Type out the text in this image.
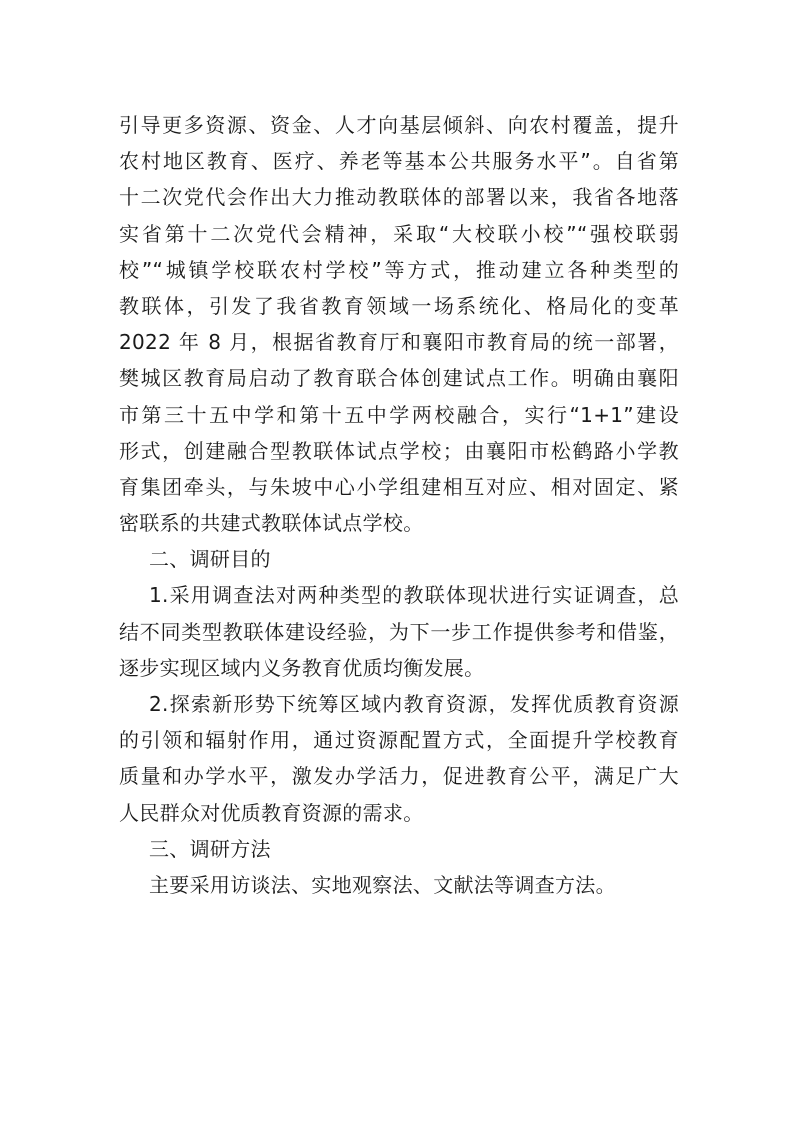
引导更多资源、资金、人才向基层倾斜、向农村覆盖，提升
农村地区教育、医疗、养老等基本公共服务水平”。自省第
十二次党代会作出大力推动教联体的部署以来，我省各地落
实省第十二次党代会精神，采取“大校联小校”“强校联弱
校”“城镇学校联农村学校”等方式，推动建立各种类型的
教联体，引发了我省教育领域一场系统化、格局化的变革
2022 年 8 月，根据省教育厅和襄阳市教育局的统一部署，
樊城区教育局启动了教育联合体创建试点工作。明确由襄阳
市第三十五中学和第十五中学两校融合，实行“1+1”建设
形式，创建融合型教联体试点学校；由襄阳市松鹤路小学教
育集团牵头，与朱坡中心小学组建相互对应、相对固定、紧
密联系的共建式教联体试点学校。
二、调研目的
1.采用调查法对两种类型的教联体现状进行实证调查，总
结不同类型教联体建设经验，为下一步工作提供参考和借鉴，
逐步实现区域内义务教育优质均衡发展。
2.探索新形势下统筹区域内教育资源，发挥优质教育资源
的引领和辐射作用，通过资源配置方式，全面提升学校教育
质量和办学水平，激发办学活力，促进教育公平，满足广大
人民群众对优质教育资源的需求。
三、调研方法
主要采用访谈法、实地观察法、文献法等调查方法。
